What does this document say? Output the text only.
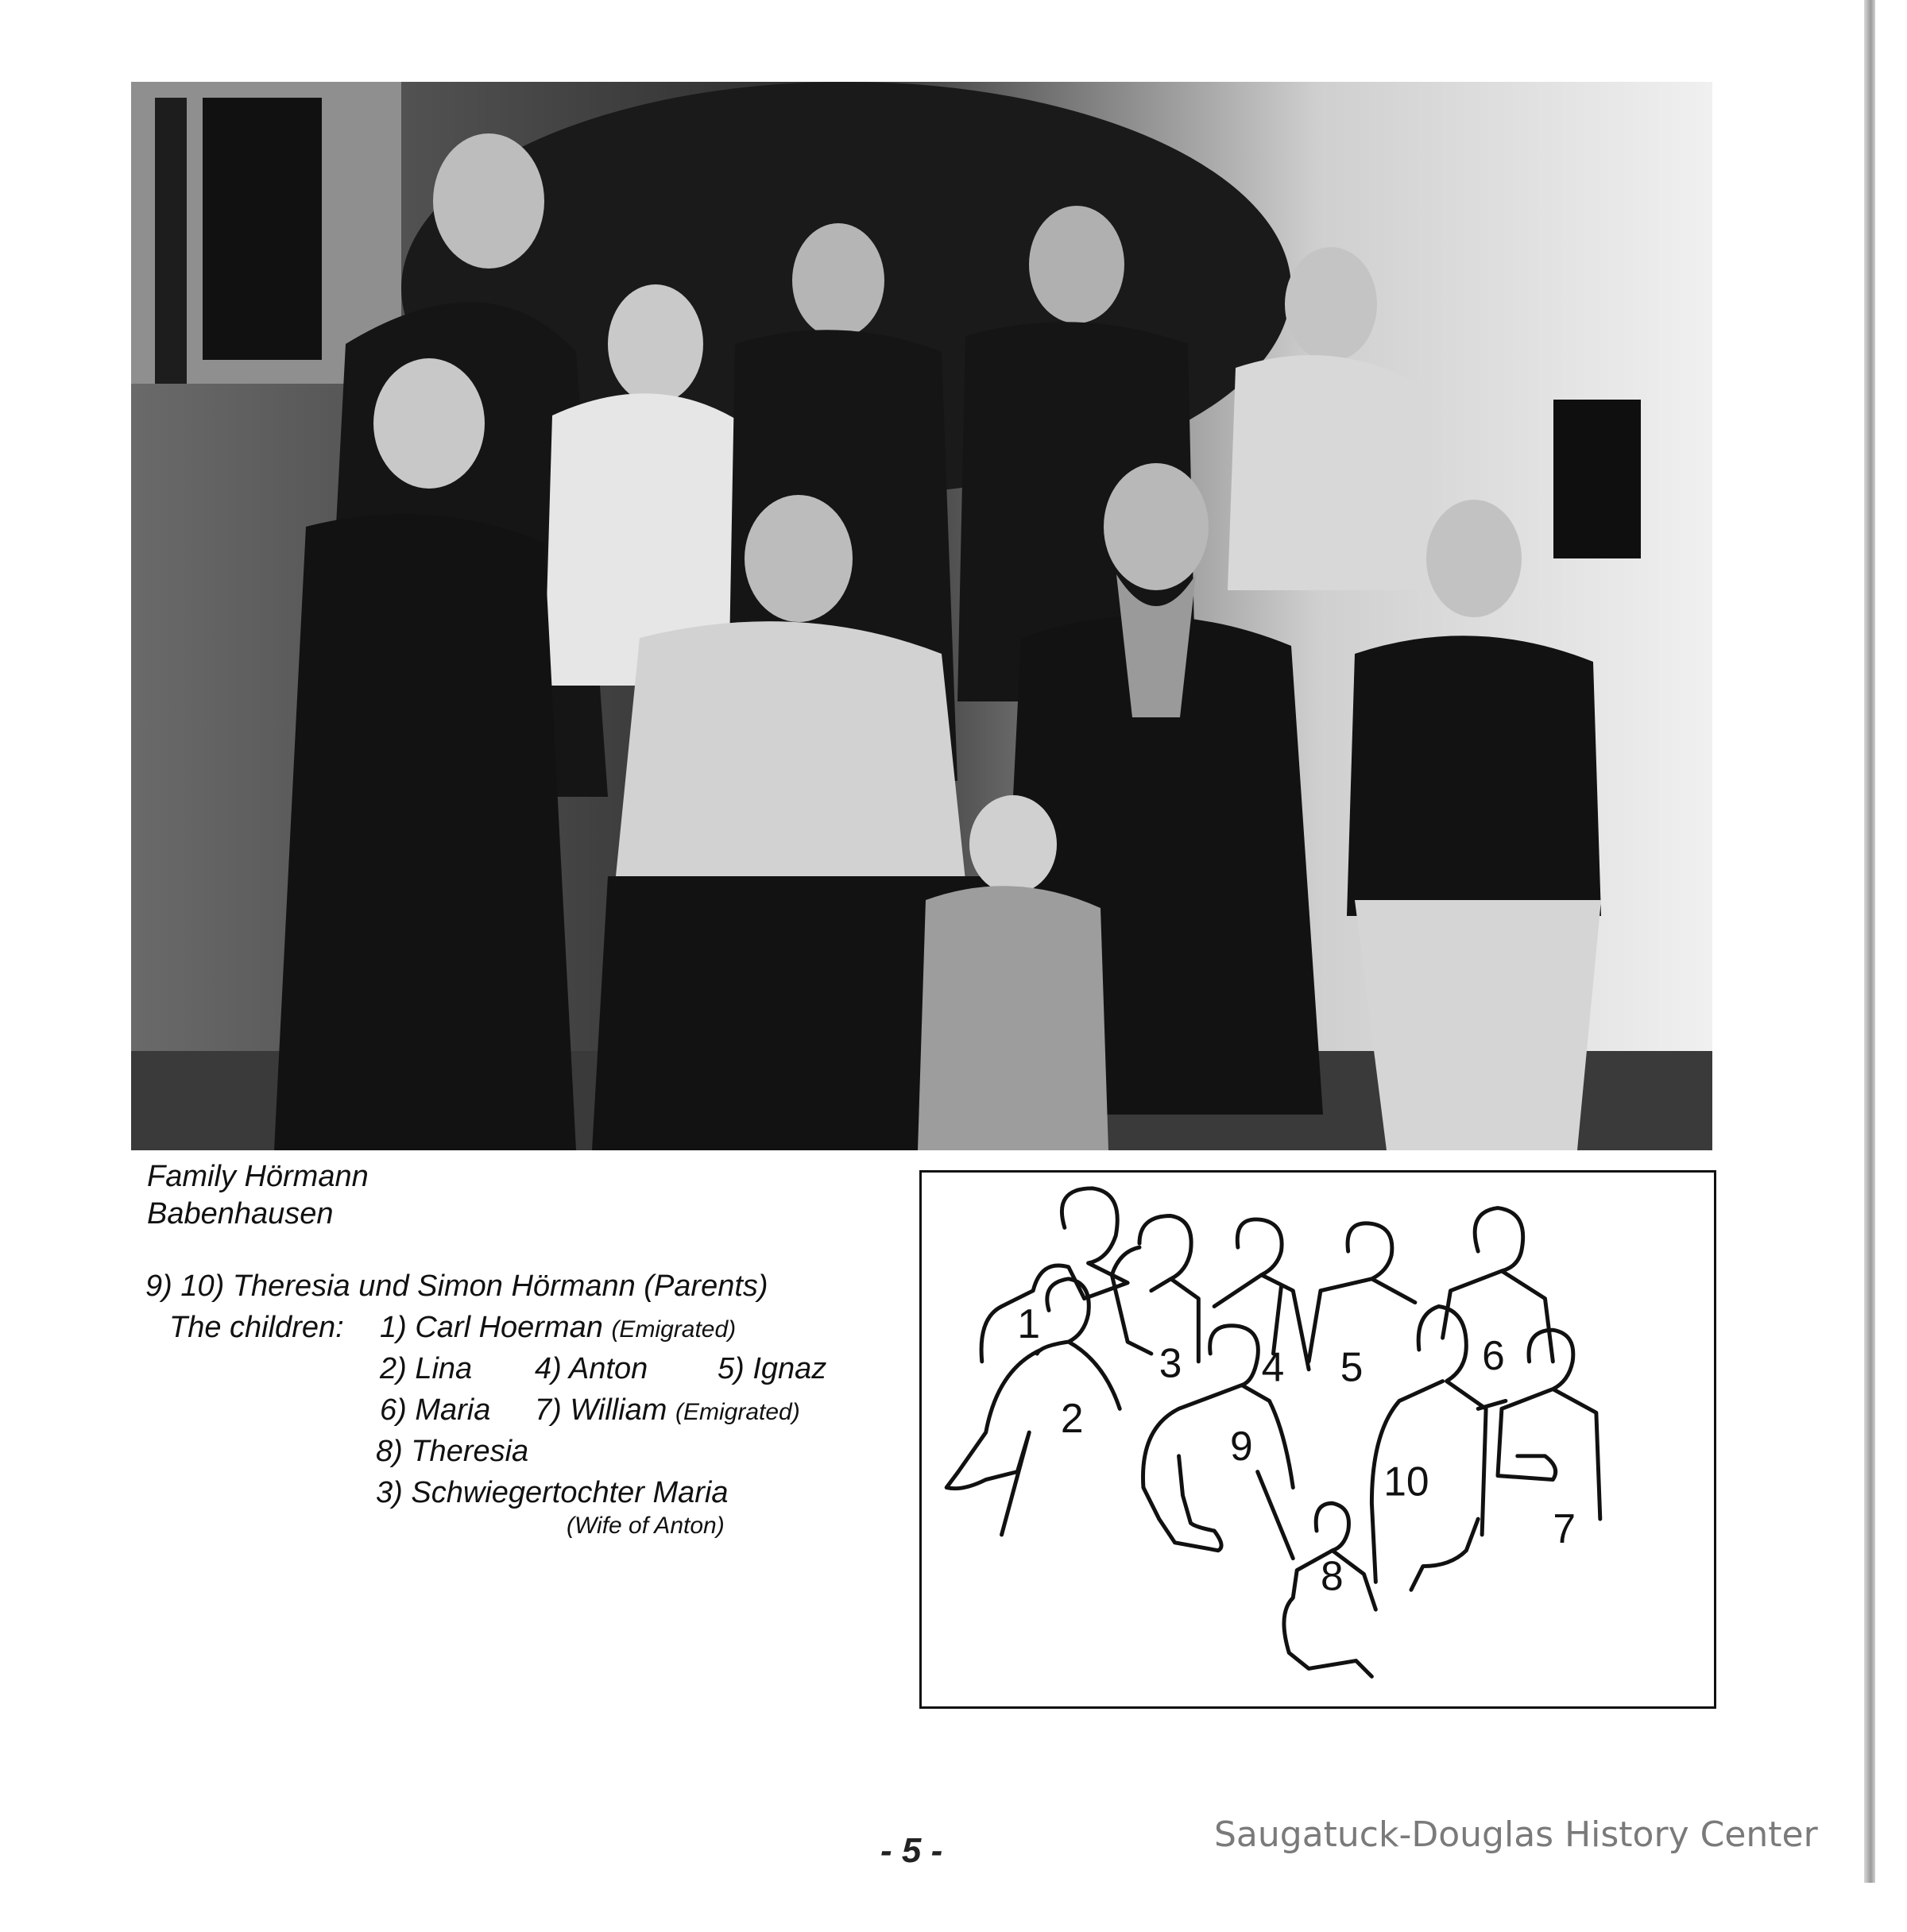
Family Hörmann
Babenhausen
9) 10) Theresia und Simon Hörmann (Parents)
The children: 1) Carl Hoerman (Emigrated)
2) Lina 4) Anton 5) Ignaz
6) Maria 7) William (Emigrated)
8) Theresia
3) Schwiegertochter Maria
(Wife of Anton)
1
2
3 4 5	6
7
8
9
10
- 5 -	Saugatuck-Douglas History Center
